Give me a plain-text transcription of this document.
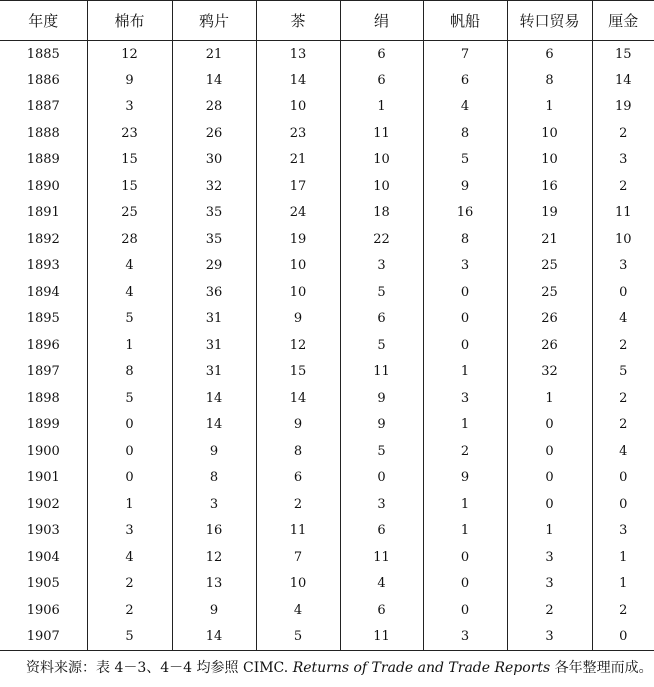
年度	棉布	鸦片	茶	绢	帆船	转口贸易	厘金
1885	12	21	13	6	7	6	15
1886	9	14	14	6	6	8	14
1887	3	28	10	1	4	1	19
1888	23	26	23	11	8	10	2
1889	15	30	21	10	5	10	3
1890	15	32	17	10	9	16	2
1891	25	35	24	18	16	19	11
1892	28	35	19	22	8	21	10
1893	4	29	10	3	3	25	3
1894	4	36	10	5	0	25	0
1895	5	31	9	6	0	26	4
1896	1	31	12	5	0	26	2
1897	8	31	15	11	1	32	5
1898	5	14	14	9	3	1	2
1899	0	14	9	9	1	0	2
1900	0	9	8	5	2	0	4
1901	0	8	6	0	9	0	0
1902	1	3	2	3	1	0	0
1903	3	16	11	6	1	1	3
1904	4	12	7	11	0	3	1
1905	2	13	10	4	0	3	1
1906	2	9	4	6	0	2	2
1907	5	14	5	11	3	3	0
资料来源：表 4－3、4－4 均参照 CIMC. Returns of Trade and Trade Reports 各年整理而成。
